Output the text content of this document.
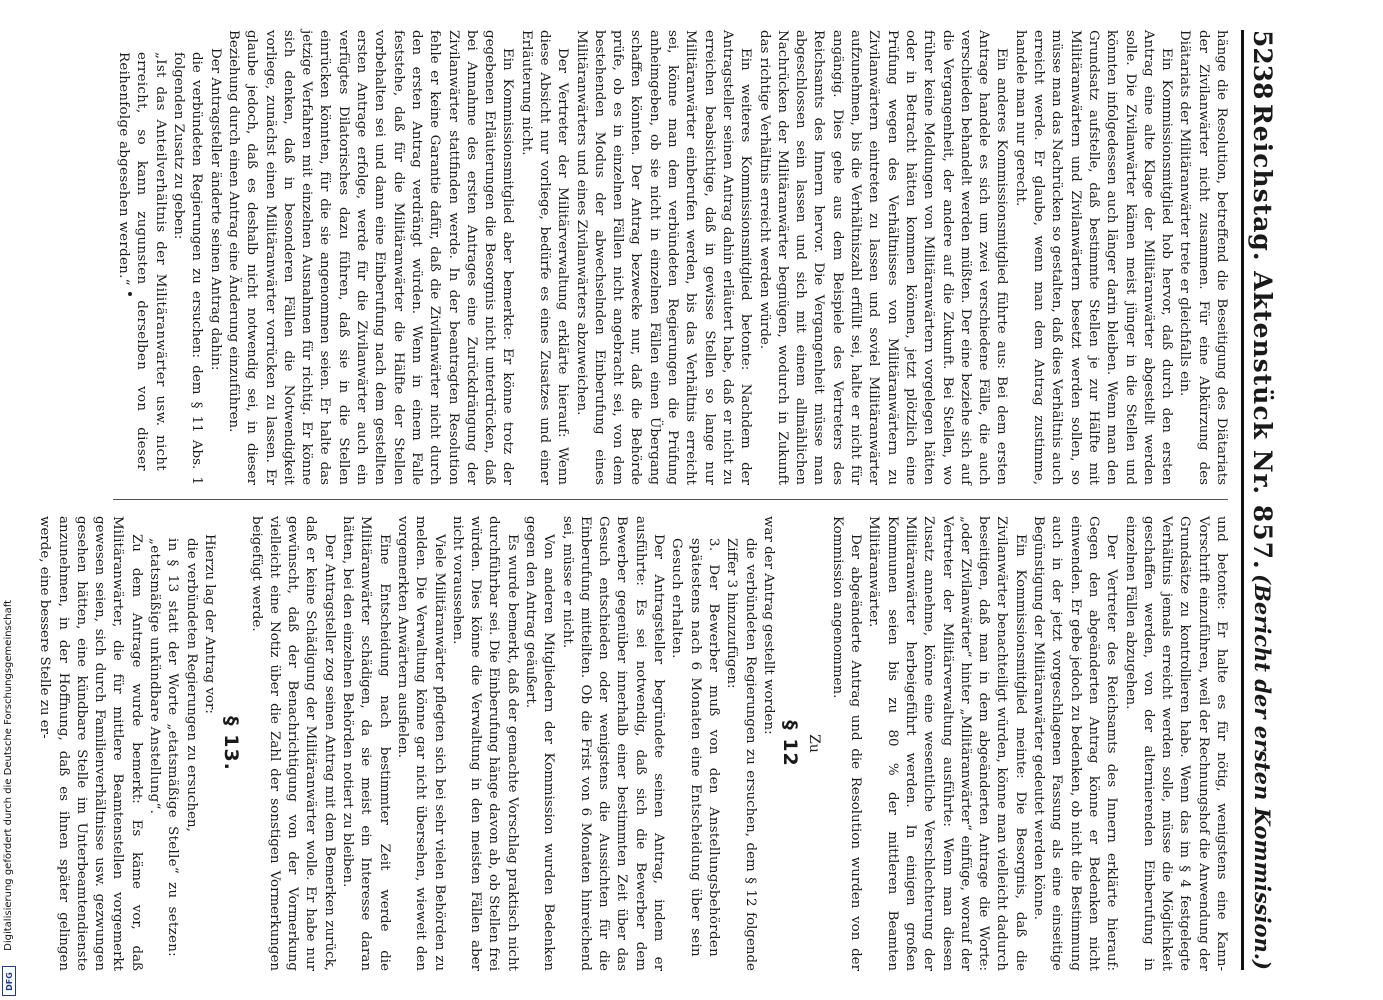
5238
Reichstag. Aktenstück Nr. 857.
(Bericht der ersten Kommission.)

hänge die Resolution, betreffend die Beseitigung des Diätariats der Zivilanwärter nicht zusammen. Für eine Abkürzung des Diätariats der Militäranwärter trete er gleichfalls ein.

Ein Kommissionsmitglied hob hervor, daß durch den ersten Antrag eine alte Klage der Militäranwärter abgestellt werden solle. Die Zivilanwärter kämen meist jünger in die Stellen und könnten infolgedessen auch länger darin bleiben. Wenn man den Grundsatz aufstelle, daß bestimmte Stellen je zur Hälfte mit Militäranwärtern und Zivilanwärtern besetzt werden sollen, so müsse man das Nachrücken so gestalten, daß dies Verhältnis auch erreicht werde. Er glaube, wenn man dem Antrag zustimme, handele man nur gerecht.

Ein anderes Kommissionsmitglied führte aus: Bei dem ersten Antrage handele es sich um zwei verschiedene Fälle, die auch verschieden behandelt werden müßten. Der eine beziehe sich auf die Vergangenheit, der andere auf die Zukunft. Bei Stellen, wo früher keine Meldungen von Militäranwärtern vorgelegen hätten oder in Betracht hätten kommen können, jetzt plötzlich eine Prüfung wegen des Verhältnisses von Militäranwärtern zu Zivilanwärtern eintreten zu lassen und soviel Militäranwärter aufzunehmen, bis die Verhältniszahl erfüllt sei, halte er nicht für angängig. Dies gehe aus dem Beispiele des Vertreters des Reichsamts des Innern hervor. Die Vergangenheit müsse man abgeschlossen sein lassen und sich mit einem allmählichen Nachrücken der Militäranwärter begnügen, wodurch in Zukunft das richtige Verhältnis erreicht werden würde.

Ein weiteres Kommissionsmitglied betonte: Nachdem der Antragsteller seinen Antrag dahin erläutert habe, daß er nicht zu erreichen beabsichtige, daß in gewisse Stellen so lange nur Militäranwärter einberufen werden, bis das Verhältnis erreicht sei, könne man dem verbündeten Regierungen die Prüfung anheimgeben, ob sie nicht in einzelnen Fällen einen Übergang schaffen könnten. Der Antrag bezwecke nur, daß die Behörde prüfe, ob es in einzelnen Fällen nicht angebracht sei, von dem bestehenden Modus der abwechselnden Einberufung eines Militäranwärters und eines Zivilanwärters abzuweichen.

Der Vertreter der Militärverwaltung erklärte hierauf: Wenn diese Absicht nur vorliege, bedürfe es eines Zusatzes und einer Erläuterung nicht.

Ein Kommissionsmitglied aber bemerkte: Er könne trotz der gegebenen Erläuterungen die Besorgnis nicht unterdrücken, daß bei Annahme des ersten Antrages eine Zurückdrängung der Zivilanwärter stattfinden werde. In der beantragten Resolution fehle er keine Garantie dafür, daß die Zivilanwärter nicht durch den ersten Antrag verdrängt würden. Wenn in einem Falle feststehe, daß für die Militäranwärter die Hälfte der Stellen vorbehalten sei und dann eine Einberufung nach dem gestellten ersten Antrage erfolge, werde für die Zivilanwärter auch ein verfügtes Dilatorisches dazu führen, daß sie in die Stellen einrücken könnten, für die sie angenommen seien. Er halte das jetzige Verfahren mit einzelnen Ausnahmen für richtig. Er könne sich denken, daß in besonderen Fällen die Notwendigkeit vorliege, zunächst einen Militäranwärter vorrücken zu lassen. Er glaube jedoch, daß es deshalb nicht notwendig sei, in dieser Beziehung durch einen Antrag eine Änderung einzuführen.

Der Antragsteller änderte seinen Antrag dahin:

die verbündeten Regierungen zu ersuchen: dem § 11 Abs. 1 folgenden Zusatz zu geben:

„Ist das Anteilverhältnis der Militäranwärter usw. nicht erreicht, so kann zugunsten derselben von dieser Reihenfolge abgesehen werden.“

und betonte: Er halte es für nötig, wenigstens eine Kann-Vorschrift einzuführen, weil der Rechnungshof die Anwendung der Grundsätze zu kontrollieren habe. Wenn das im § 4 festgelegte Verhältnis jemals erreicht werden solle, müsse die Möglichkeit geschaffen werden, von der alternierenden Einberufung in einzelnen Fällen abzugehen.

Der Vertreter des Reichsamts des Innern erklärte hierauf: Gegen den abgeänderten Antrag könne er Bedenken nicht einwenden. Er gebe jedoch zu bedenken, ob nicht die Bestimmung auch in der jetzt vorgeschlagenen Fassung als eine einseitige Begünstigung der Militäranwärter gedeutet werden könne.

Ein Kommissionsmitglied meinte: Die Besorgnis, daß die Zivilanwärter benachteiligt würden, könne man vielleicht dadurch beseitigen, daß man in dem abgeänderten Antrage die Worte: „oder Zivilanwärter“ hinter „Militäranwärter“ einfüge, worauf der Vertreter der Militärverwaltung ausführte: Wenn man diesen Zusatz annehme, könne eine wesentliche Verschlechterung der Militäranwärter herbeigeführt werden. In einigen großen Kommunen seien bis zu 80 % der mittleren Beamten Militäranwärter.

Der abgeänderte Antrag und die Resolution wurden von der Kommission angenommen.

Zu
§ 12

war der Antrag gestellt worden:

die verbündeten Regierungen zu ersuchen, dem § 12 folgende Ziffer 3 hinzuzufügen:

3. Der Bewerber muß von den Anstellungsbehörden spätestens nach 6 Monaten eine Entscheidung über sein Gesuch erhalten.

Der Antragsteller begründete seinen Antrag, indem er ausführte: Es sei notwendig, daß sich die Bewerber dem Bewerber gegenüber innerhalb einer bestimmten Zeit über das Gesuch entschieden oder wenigstens die Aussichten für die Einberufung mitteilten. Ob die Frist von 6 Monaten hinreichend sei, müsse er nicht.

Von anderen Mitgliedern der Kommission wurden Bedenken gegen den Antrag geäußert.

Es wurde bemerkt, daß der gemachte Vorschlag praktisch nicht durchführbar sei. Die Einberufung hänge davon ab, ob Stellen frei würden. Dies könne die Verwaltung in den meisten Fällen aber nicht voraussehen.

Viele Militäranwärter pflegten sich bei sehr vielen Behörden zu melden. Die Verwaltung könne gar nicht übersehen, wieweit den vorgemerkten Anwärtern ausfielen.

Eine Entscheidung nach bestimmter Zeit werde die Militäranwärter schädigen, da sie meist ein Interesse daran hätten, bei den einzelnen Behörden notiert zu bleiben.

Der Antragsteller zog seinen Antrag mit dem Bemerken zurück, daß er keine Schädigung der Militäranwärter wolle. Er habe nur gewünscht, daß der Benachrichtigung von der Vormerkung vielleicht eine Notiz über die Zahl der sonstigen Vormerkungen beigefügt werde.

§ 13.

Hierzu lag der Antrag vor:

die verbündeten Regierungen zu ersuchen,

in § 13 statt der Worte „etatsmäßige Stelle“ zu setzen: „etatsmäßige unkündbare Anstellung“.

Zu dem Antrage wurde bemerkt: Es käme vor, daß Militäranwärter, die für mittlere Beamtenstellen vorgemerkt gewesen seien, sich durch Familienverhältnisse usw. gezwungen gesehen hätten, eine kündbare Stelle im Unterbeamtendienste anzunehmen, in der Hoffnung, daß es ihnen später gelingen werde, eine bessere Stelle zu er-

Digitalisierung gefördert durch die Deutsche Forschungsgemeinschaft
DFG
